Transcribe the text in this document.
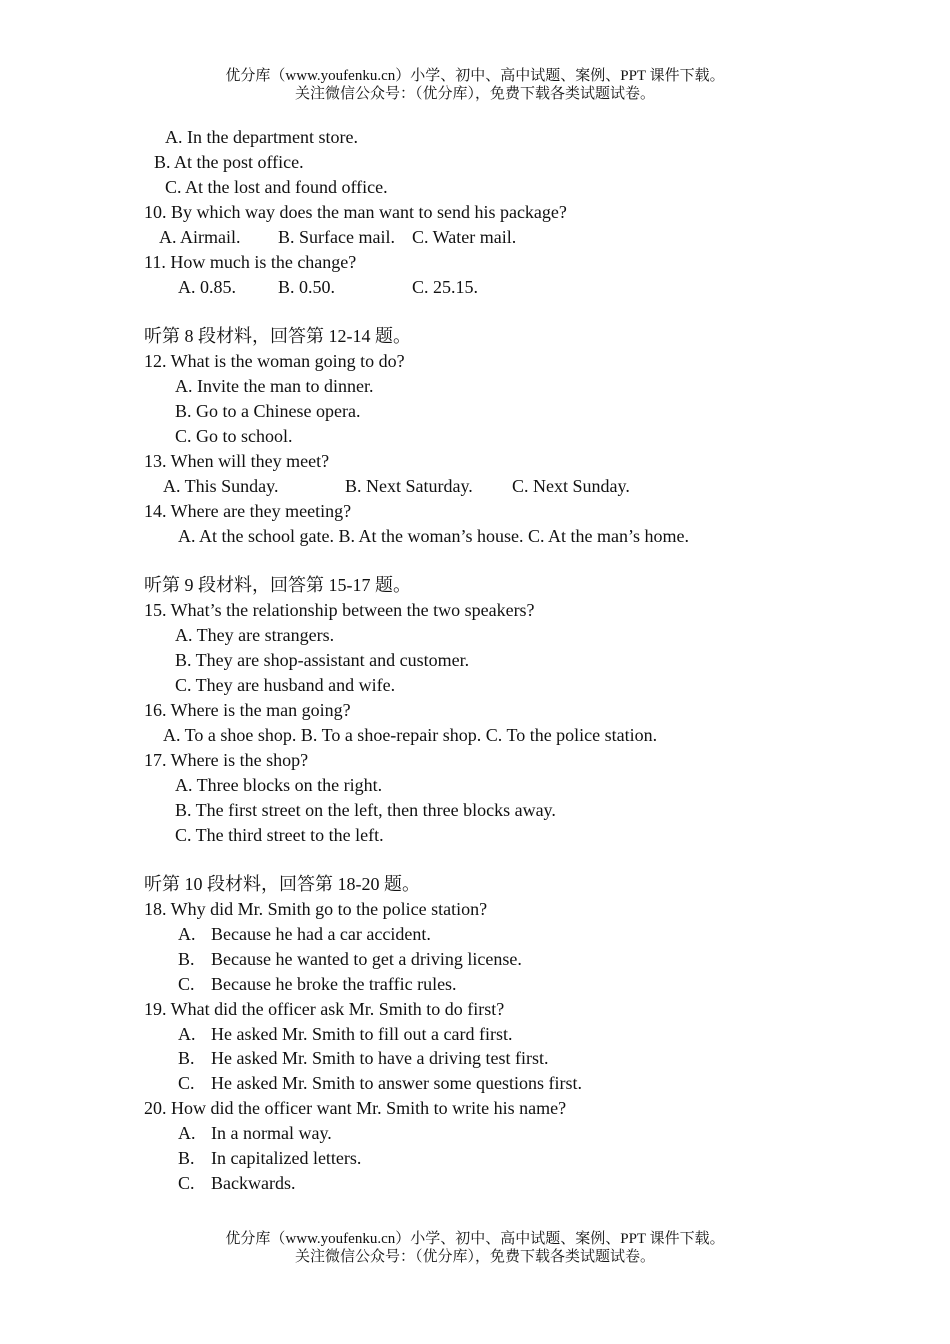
优分库（www.youfenku.cn）小学、初中、高中试题、案例、PPT 课件下载。
关注微信公众号：（优分库），免费下载各类试题试卷。
A. In the department store.
B. At the post office.
C. At the lost and found office.
10. By which way does the man want to send his package?
A. Airmail. B. Surface mail. C. Water mail.
11. How much is the change?
A. 0.85. B. 0.50.	C. 25.15.
听第 8 段材料，回答第 12-14 题。
12. What is the woman going to do?
A. Invite the man to dinner.
B. Go to a Chinese opera.
C. Go to school.
13. When will they meet?
A. This Sunday.	B. Next Saturday. C. Next Sunday.
14. Where are they meeting?
A. At the school gate. B. At the woman’s house. C. At the man’s home.
听第 9 段材料，回答第 15-17 题。
15. What’s the relationship between the two speakers?
A. They are strangers.
B. They are shop-assistant and customer.
C. They are husband and wife.
16. Where is the man going?
A. To a shoe shop. B. To a shoe-repair shop. C. To the police station.
17. Where is the shop?
A. Three blocks on the right.
B. The first street on the left, then three blocks away.
C. The third street to the left.
听第 10 段材料，回答第 18-20 题。
18. Why did Mr. Smith go to the police station?
A. Because he had a car accident.
B. Because he wanted to get a driving license.
C. Because he broke the traffic rules.
19. What did the officer ask Mr. Smith to do first?
A. He asked Mr. Smith to fill out a card first.
B. He asked Mr. Smith to have a driving test first.
C. He asked Mr. Smith to answer some questions first.
20. How did the officer want Mr. Smith to write his name?
A. In a normal way.
B. In capitalized letters.
C. Backwards.
优分库（www.youfenku.cn）小学、初中、高中试题、案例、PPT 课件下载。
关注微信公众号：（优分库），免费下载各类试题试卷。
